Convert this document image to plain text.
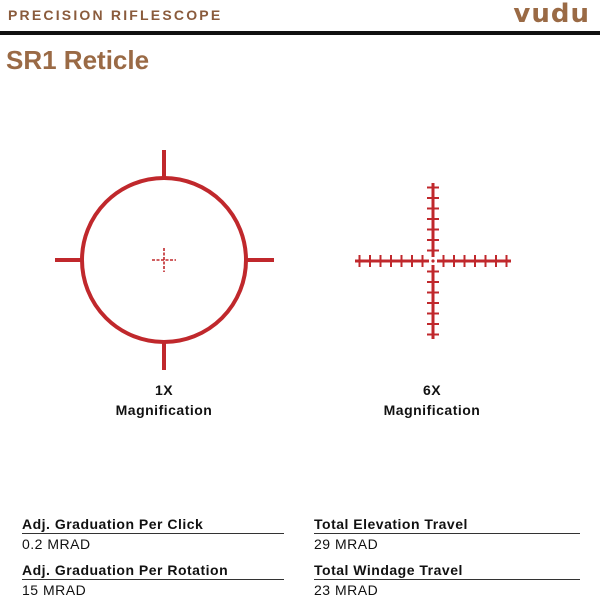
PRECISION RIFLESCOPE	vudu
SR1 Reticle
1X
Magnification
6X
Magnification
Adj. Graduation Per Click
0.2 MRAD
Total Elevation Travel
29 MRAD
Adj. Graduation Per Rotation
15 MRAD
Total Windage Travel
23 MRAD
